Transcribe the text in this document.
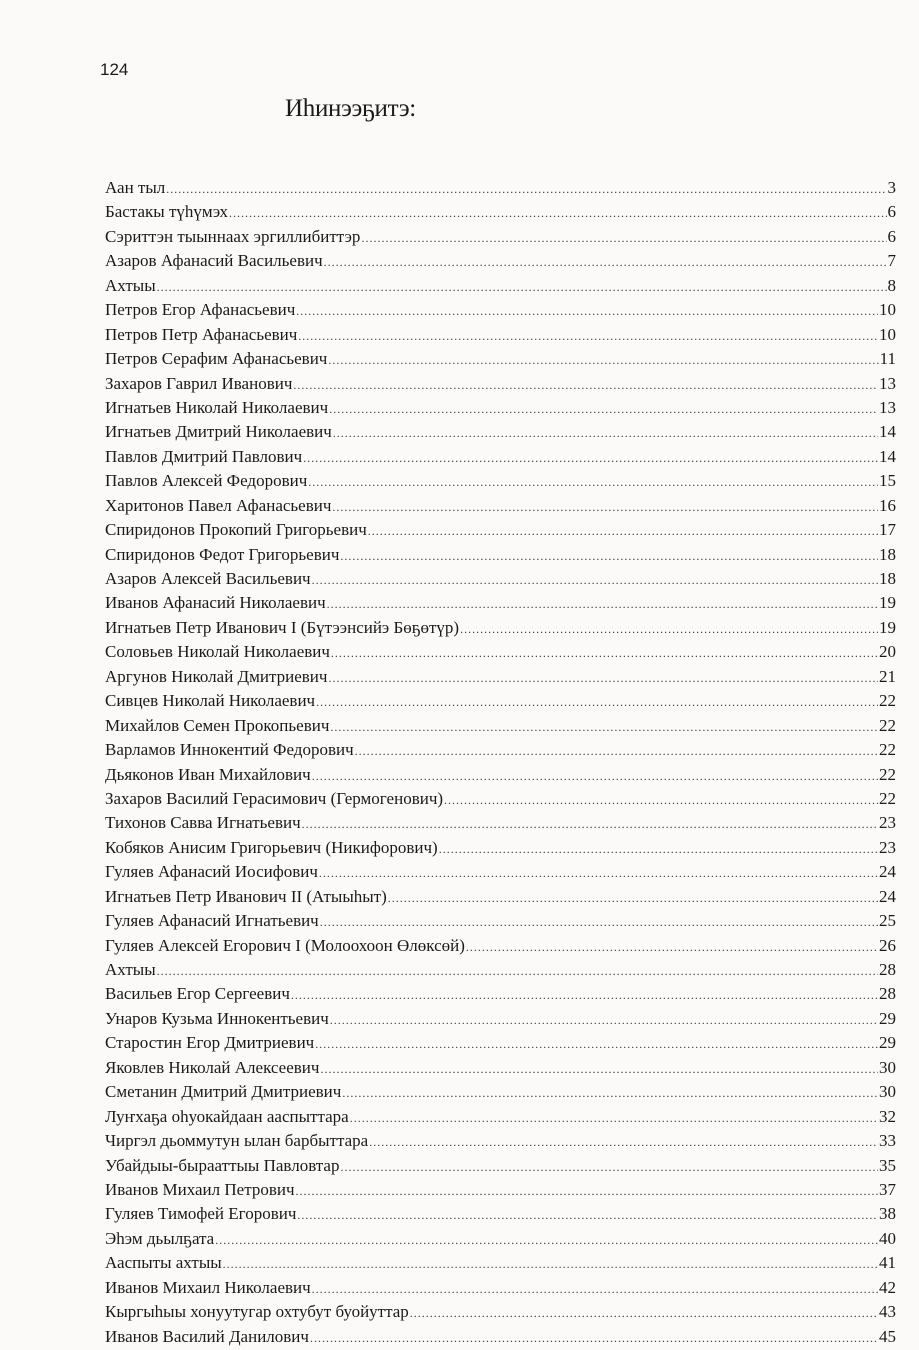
124
Иһинээҕитэ:
Аан тыл .....	3
Бастакы түһүмэх .....	6
Сэриттэн тыыннаах эргиллибиттэр .....	6
Азаров Афанасий Васильевич .....	7
Ахтыы .....	8
Петров Егор Афанасьевич .....	10
Петров Петр Афанасьевич .....	10
Петров Серафим Афанасьевич .....	11
Захаров Гаврил Иванович .....	13
Игнатьев Николай Николаевич .....	13
Игнатьев Дмитрий Николаевич .....	14
Павлов Дмитрий Павлович .....	14
Павлов Алексей Федорович .....	15
Харитонов Павел Афанасьевич .....	16
Спиридонов Прокопий Григорьевич .....	17
Спиридонов Федот Григорьевич .....	18
Азаров Алексей Васильевич .....	18
Иванов Афанасий Николаевич .....	19
Игнатьев Петр Иванович I (Бүтээнсийэ Бөҕөтүр) .....	19
Соловьев Николай Николаевич .....	20
Аргунов Николай Дмитриевич .....	21
Сивцев Николай Николаевич .....	22
Михайлов Семен Прокопьевич .....	22
Варламов Иннокентий Федорович .....	22
Дьяконов Иван Михайлович .....	22
Захаров Василий Герасимович (Гермогенович) .....	22
Тихонов Савва Игнатьевич .....	23
Кобяков Анисим Григорьевич (Никифорович) .....	23
Гуляев Афанасий Иосифович .....	24
Игнатьев Петр Иванович II (Атыыһыт) .....	24
Гуляев Афанасий Игнатьевич .....	25
Гуляев Алексей Егорович I (Молоохоон Өлөксөй) .....	26
Ахтыы .....	28
Васильев Егор Сергеевич .....	28
Унаров Кузьма Иннокентьевич .....	29
Старостин Егор Дмитриевич .....	29
Яковлев Николай Алексеевич .....	30
Сметанин Дмитрий Дмитриевич .....	30
Луҥхаҕа оһуокайдаан ааспыттара .....	32
Чиргэл дьоммутун ылан барбыттара .....	33
Убайдыы-бырааттыы Павловтар .....	35
Иванов Михаил Петрович .....	37
Гуляев Тимофей Егорович .....	38
Эһэм дьылҕата .....	40
Ааспыты ахтыы .....	41
Иванов Михаил Николаевич .....	42
Кыргыһыы хонуутугар охтубут буойуттар .....	43
Иванов Василий Данилович .....	45
